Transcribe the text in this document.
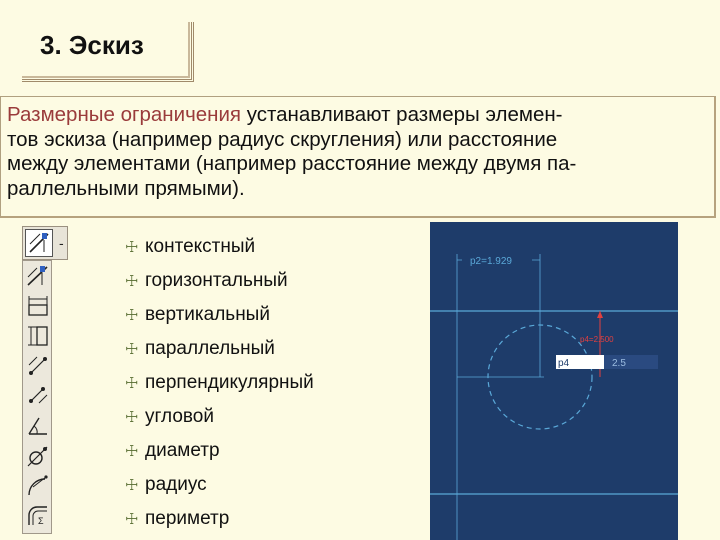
3. Эскиз
Размерные ограничения устанавливают размеры элемен-
тов эскиза (например радиус скругления) или расстояние
между элементами (например расстояние между двумя па-
раллельными прямыми).
-
Σ
☩ контекстный
☩ горизонтальный
☩ вертикальный
☩ параллельный
☩ перпендикулярный
☩ угловой
☩ диаметр
☩ радиус
☩ периметр
p2=1.929
p4=2.500
p4	2.5
